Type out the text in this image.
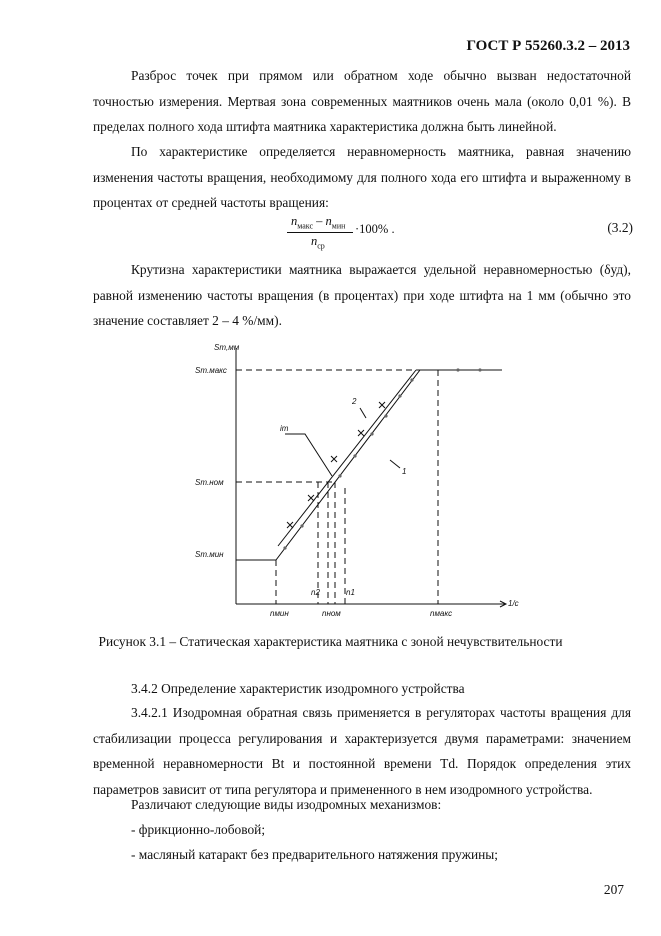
ГОСТ Р 55260.3.2 – 2013

Разброс точек при прямом или обратном ходе обычно вызван недостаточной точностью измерения. Мертвая зона современных маятников очень мала (около 0,01 %). В пределах полного хода штифта маятника характеристика должна быть линейной.

По характеристике определяется неравномерность маятника, равная значению изменения частоты вращения, необходимому для полного хода его штифта и выраженному в процентах от средней частоты вращения:

$n_{макс} - n_{мин}$
$n_{ср}$
·100% .	(3.2)

Крутизна характеристики маятника выражается удельной неравномерностью (δуд), равной изменению частоты вращения (в процентах) при ходе штифта на 1 мм (обычно это значение составляет 2 – 4 %/мм).

Sm,мм
1/с
Sm.макс
Sm.ном
Sm.мин
nмин
n2
nном
n1
nмакс
2
1
im
Рисунок 3.1 – Статическая характеристика маятника с зоной нечувствительности

3.4.2 Определение характеристик изодромного устройства

3.4.2.1 Изодромная обратная связь применяется в регуляторах частоты вращения для стабилизации процесса регулирования и характеризуется двумя параметрами: значением временной неравномерности Bt и постоянной времени Td. Порядок определения этих параметров зависит от типа регулятора и примененного в нем изодромного устройства.

Различают следующие виды изодромных механизмов:

- фрикционно-лобовой;

- масляный катаракт без предварительного натяжения пружины;

207
